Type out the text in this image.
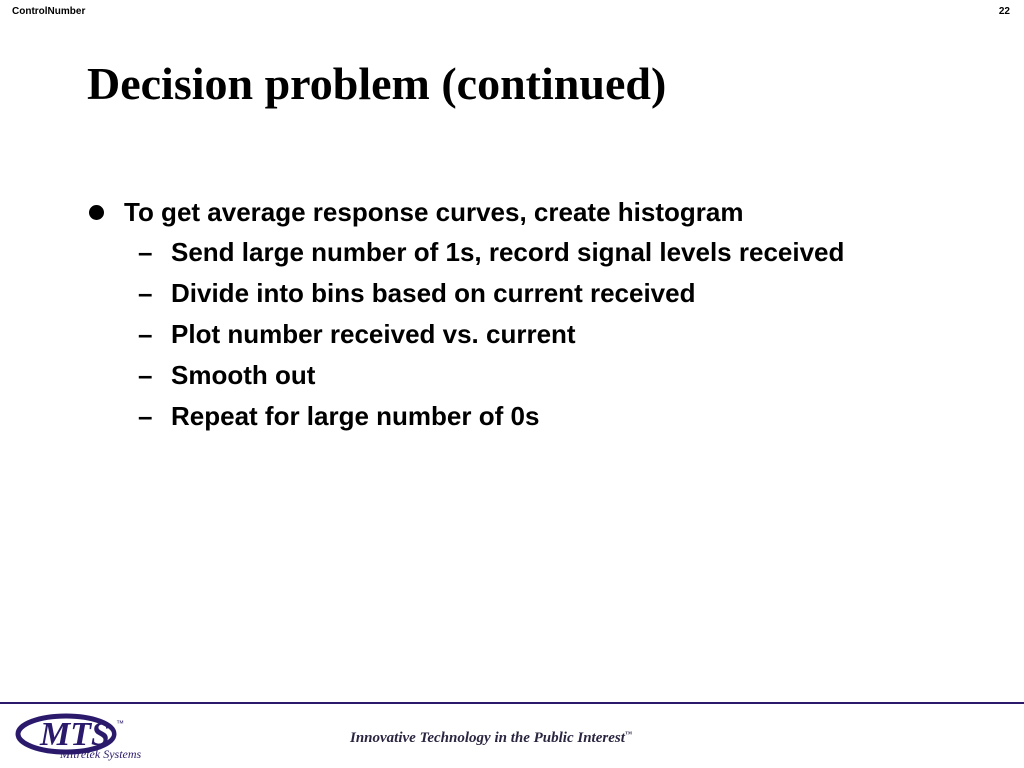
ControlNumber	22
Decision problem (continued)
To get average response curves, create histogram
– Send large number of 1s, record signal levels received
– Divide into bins based on current received
– Plot number received vs. current
– Smooth out
– Repeat for large number of 0s
MTS ™
Mitretek Systems
Innovative Technology in the Public Interest™
